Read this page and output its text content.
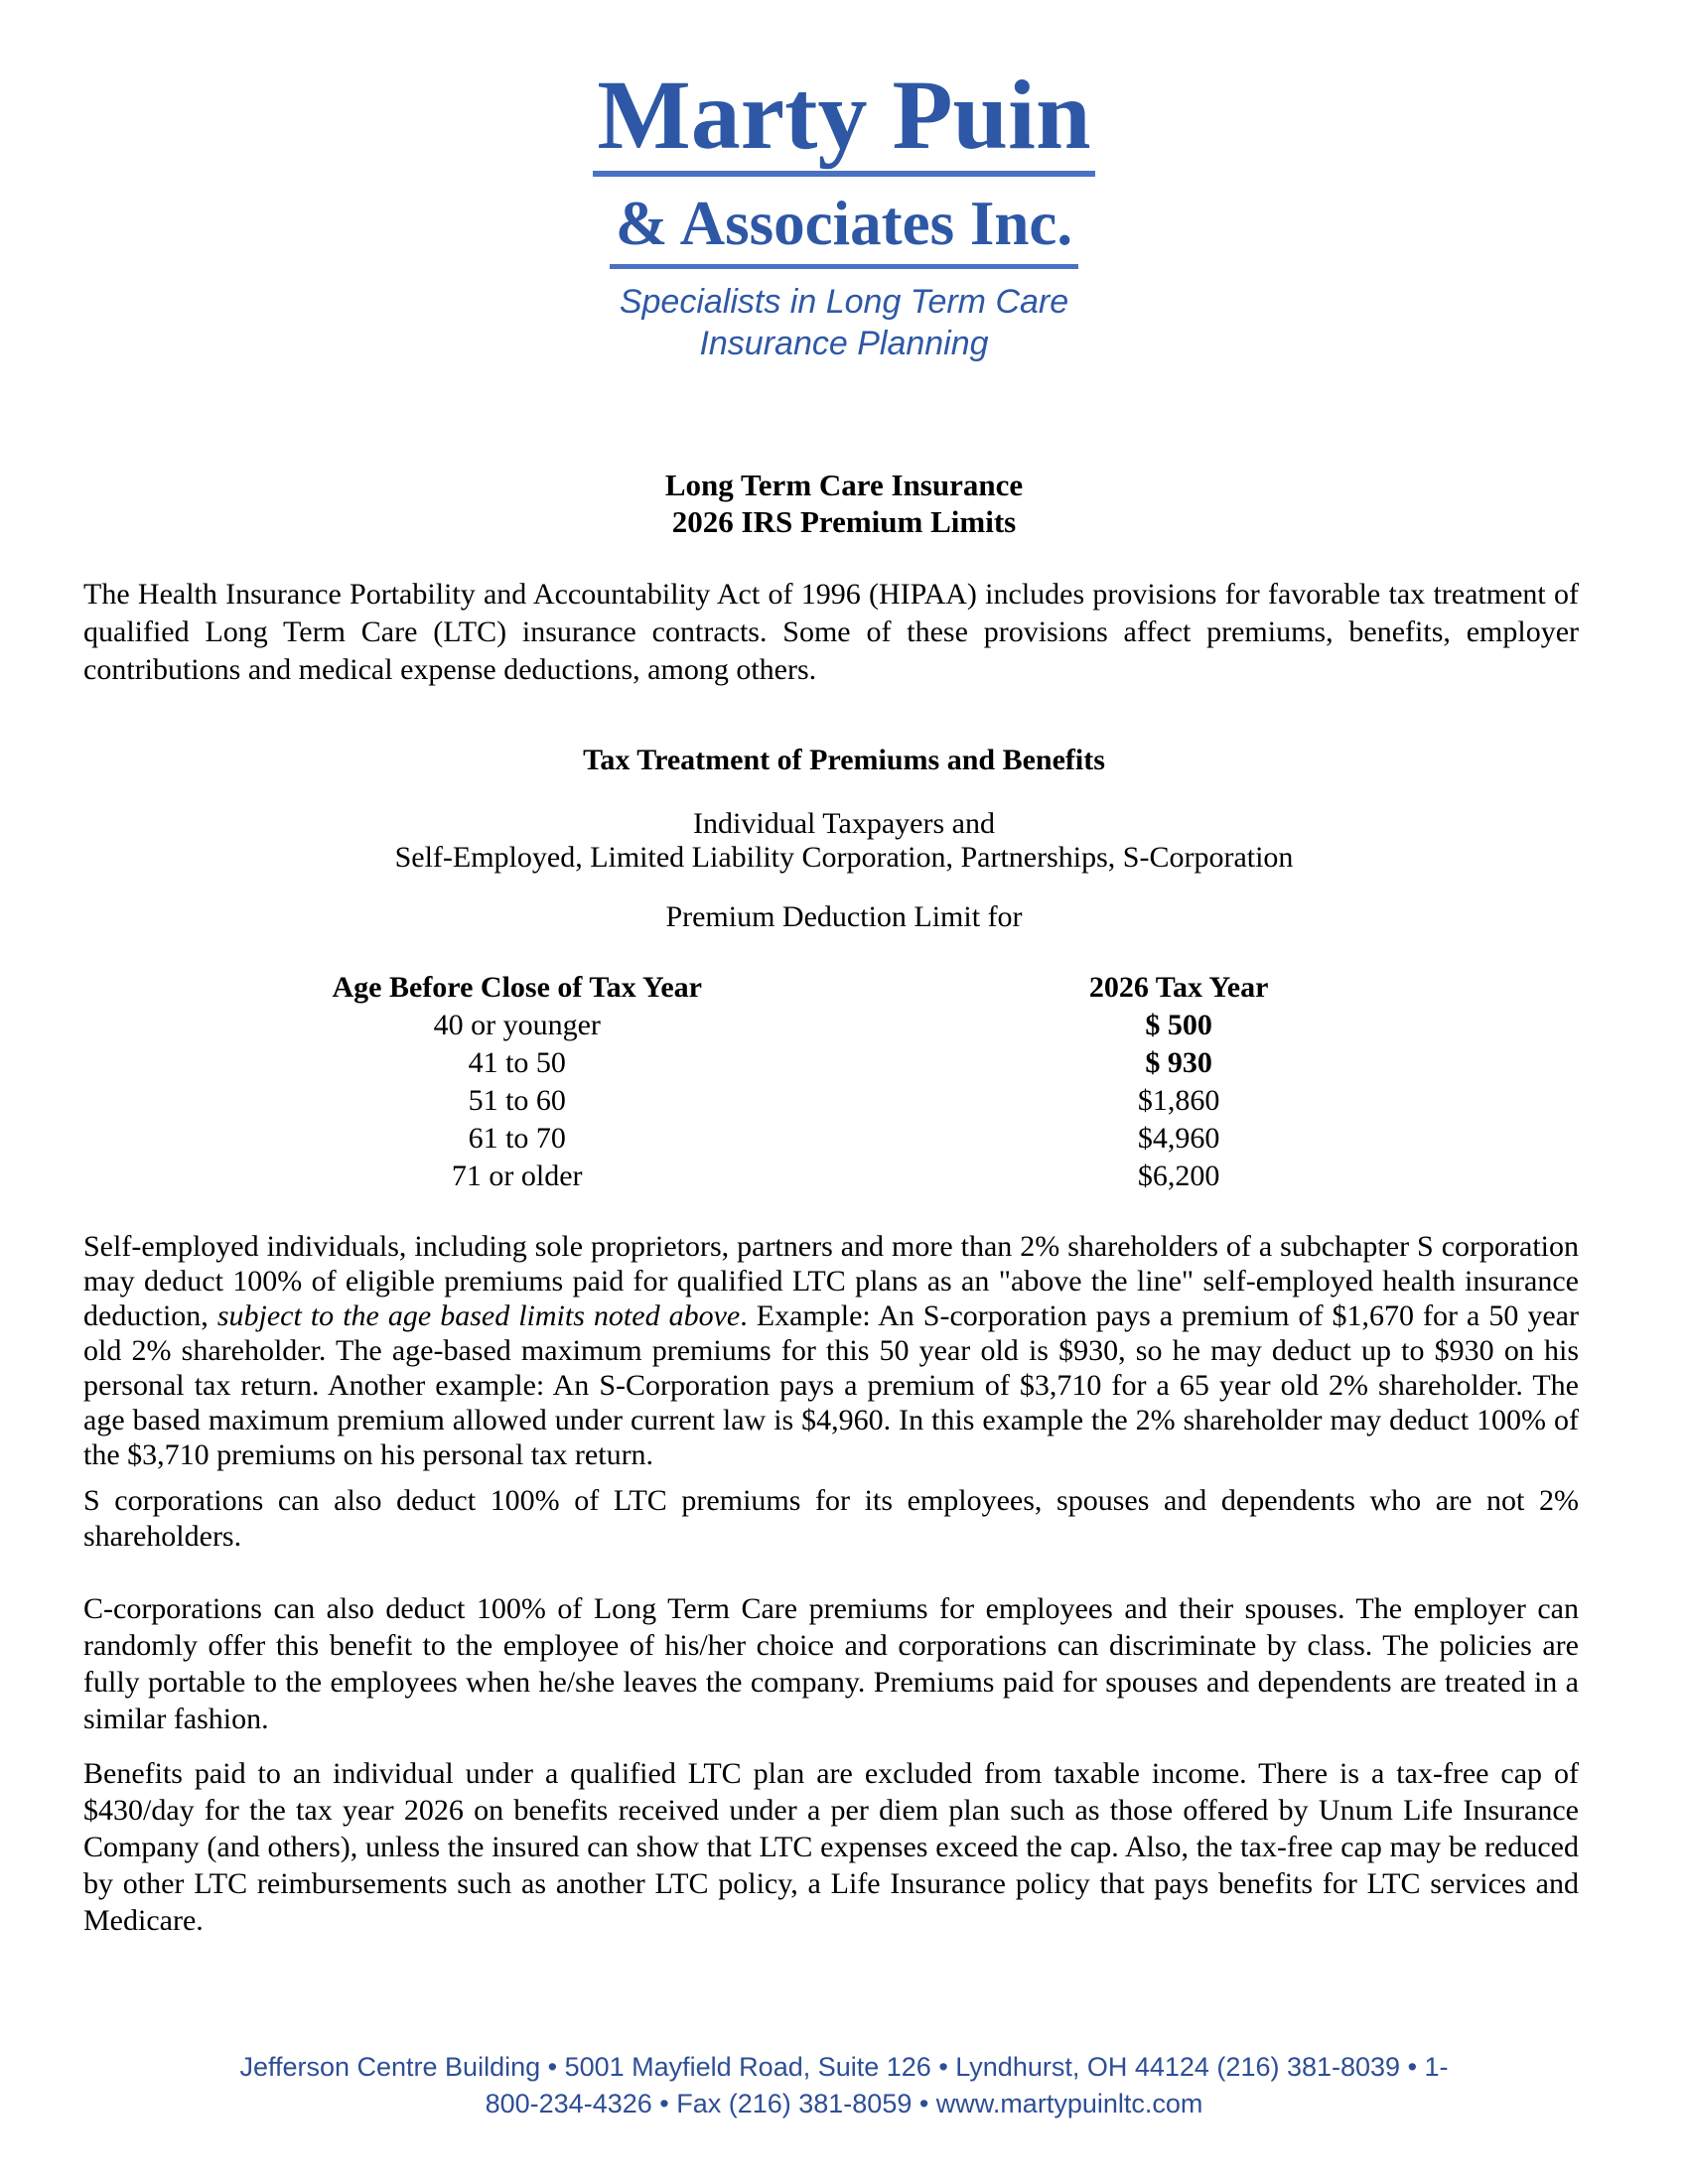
Marty Puin
& Associates Inc.
Specialists in Long Term Care
Insurance Planning
Long Term Care Insurance
2026 IRS Premium Limits

The Health Insurance Portability and Accountability Act of 1996 (HIPAA) includes provisions for favorable tax treatment of qualified Long Term Care (LTC) insurance contracts. Some of these provisions affect premiums, benefits, employer contributions and medical expense deductions, among others.

Tax Treatment of Premiums and Benefits
Individual Taxpayers and
Self-Employed, Limited Liability Corporation, Partnerships, S-Corporation
Premium Deduction Limit for
Age Before Close of Tax Year	2026 Tax Year
40 or younger	$ 500
41 to 50	$ 930
51 to 60	$1,860
61 to 70	$4,960
71 or older	$6,200

Self-employed individuals, including sole proprietors, partners and more than 2% shareholders of a subchapter S corporation may deduct 100% of eligible premiums paid for qualified LTC plans as an "above the line" self-employed health insurance deduction, subject to the age based limits noted above. Example: An S-corporation pays a premium of $1,670 for a 50 year old 2% shareholder. The age-based maximum premiums for this 50 year old is $930, so he may deduct up to $930 on his personal tax return. Another example: An S-Corporation pays a premium of $3,710 for a 65 year old 2% shareholder. The age based maximum premium allowed under current law is $4,960. In this example the 2% shareholder may deduct 100% of the $3,710 premiums on his personal tax return.

S corporations can also deduct 100% of LTC premiums for its employees, spouses and dependents who are not 2% shareholders.

C-corporations can also deduct 100% of Long Term Care premiums for employees and their spouses. The employer can randomly offer this benefit to the employee of his/her choice and corporations can discriminate by class. The policies are fully portable to the employees when he/she leaves the company. Premiums paid for spouses and dependents are treated in a similar fashion.

Benefits paid to an individual under a qualified LTC plan are excluded from taxable income. There is a tax-free cap of $430/day for the tax year 2026 on benefits received under a per diem plan such as those offered by Unum Life Insurance Company (and others), unless the insured can show that LTC expenses exceed the cap. Also, the tax-free cap may be reduced by other LTC reimbursements such as another LTC policy, a Life Insurance policy that pays benefits for LTC services and Medicare.

Jefferson Centre Building • 5001 Mayfield Road, Suite 126 • Lyndhurst, OH 44124 (216) 381-8039 • 1-
800-234-4326 • Fax (216) 381-8059 • www.martypuinltc.com
